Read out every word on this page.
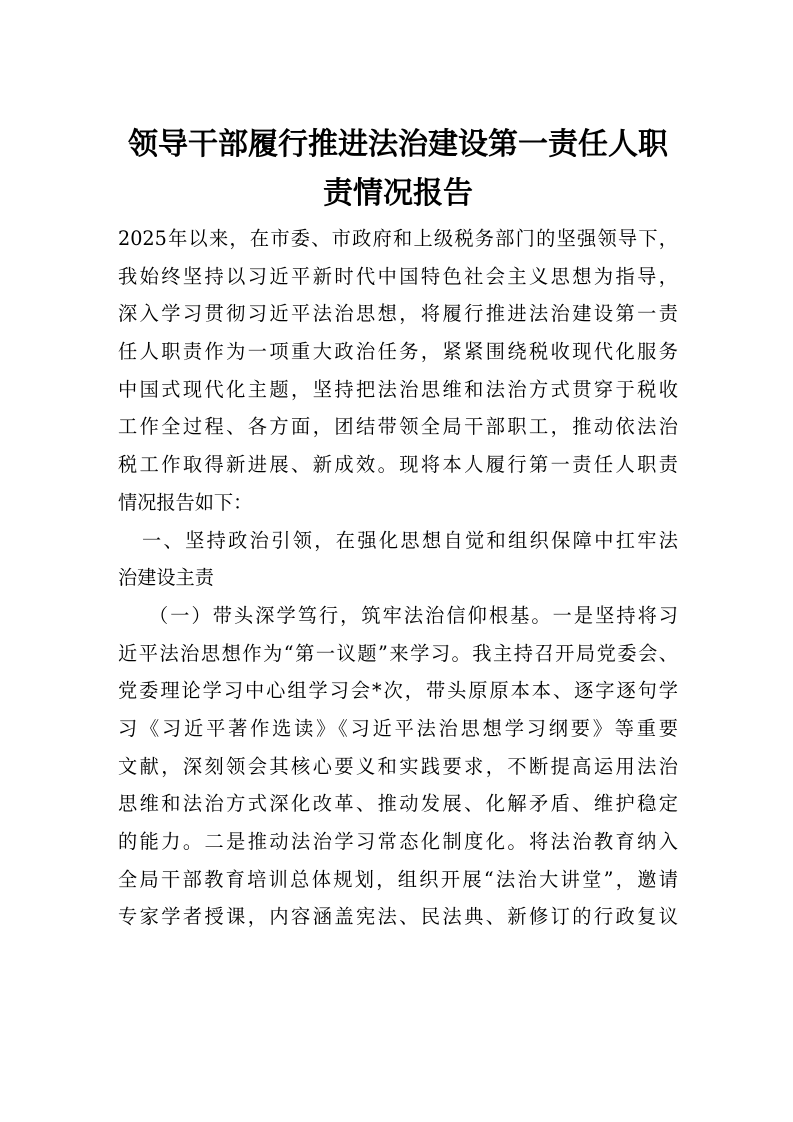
领导干部履行推进法治建设第一责任人职
责情况报告
2025年以来，在市委、市政府和上级税务部门的坚强领导下，
我始终坚持以习近平新时代中国特色社会主义思想为指导，
深入学习贯彻习近平法治思想，将履行推进法治建设第一责
任人职责作为一项重大政治任务，紧紧围绕税收现代化服务
中国式现代化主题，坚持把法治思维和法治方式贯穿于税收
工作全过程、各方面，团结带领全局干部职工，推动依法治
税工作取得新进展、新成效。现将本人履行第一责任人职责
情况报告如下：
一、坚持政治引领，在强化思想自觉和组织保障中扛牢法
治建设主责
（一）带头深学笃行，筑牢法治信仰根基。一是坚持将习
近平法治思想作为“第一议题”来学习。我主持召开局党委会、
党委理论学习中心组学习会*次，带头原原本本、逐字逐句学
习《习近平著作选读》《习近平法治思想学习纲要》等重要
文献，深刻领会其核心要义和实践要求，不断提高运用法治
思维和法治方式深化改革、推动发展、化解矛盾、维护稳定
的能力。二是推动法治学习常态化制度化。将法治教育纳入
全局干部教育培训总体规划，组织开展“法治大讲堂”，邀请
专家学者授课，内容涵盖宪法、民法典、新修订的行政复议
